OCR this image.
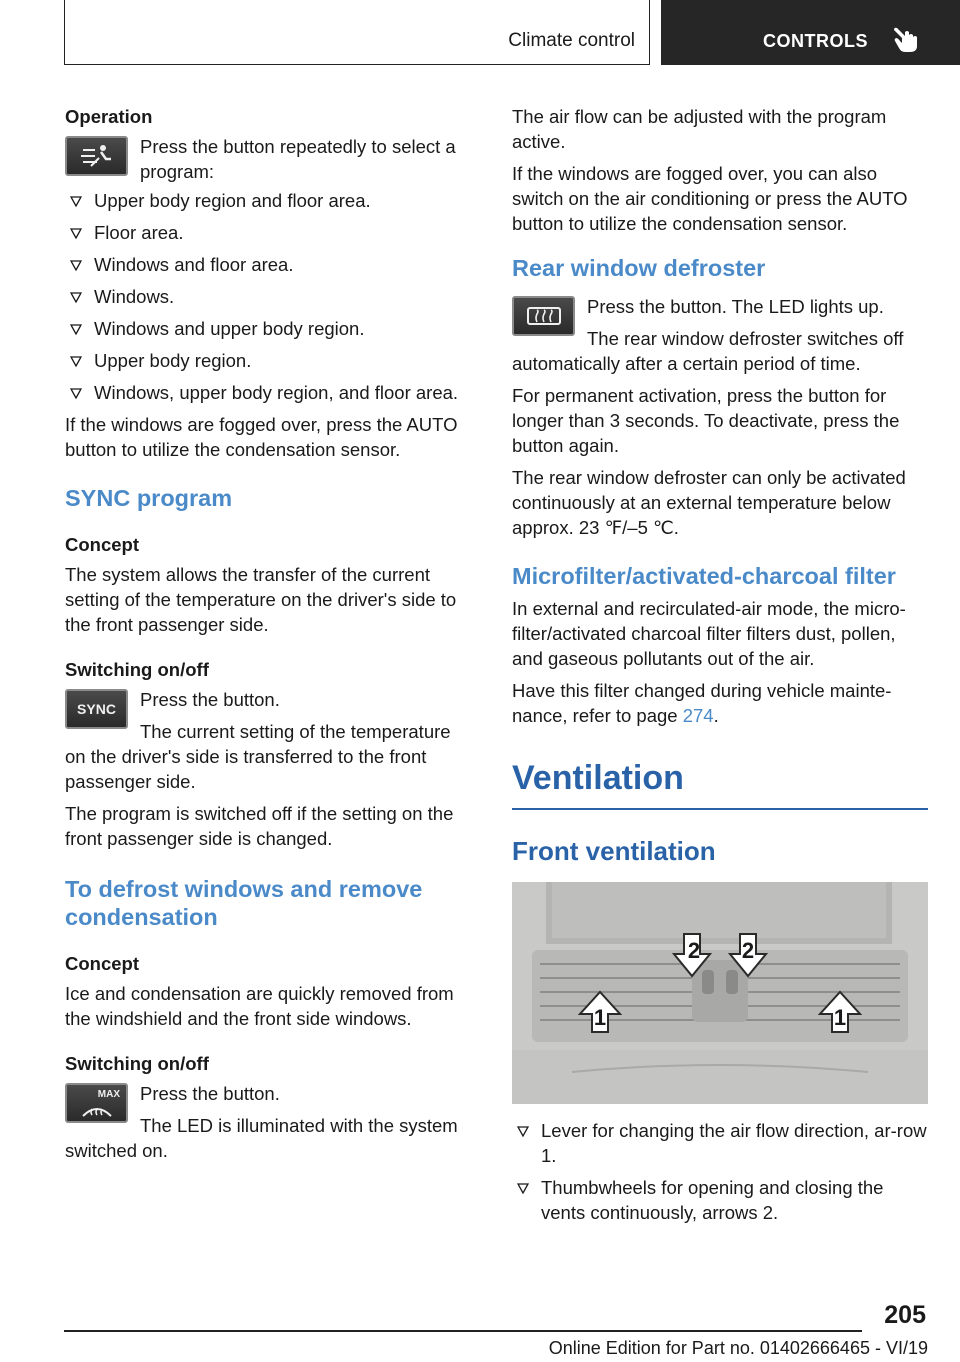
Climate control	CONTROLS
Operation
Press the button repeatedly to select a program:
Upper body region and floor area.
Floor area.
Windows and floor area.
Windows.
Windows and upper body region.
Upper body region.
Windows, upper body region, and floor area.

If the windows are fogged over, press the AUTO button to utilize the condensation sensor.

SYNC program
Concept

The system allows the transfer of the current setting of the temperature on the driver's side to the front passenger side.

Switching on/off
SYNC	Press the button.

The current setting of the temperature on the driver's side is transferred to the front passenger side.

The program is switched off if the setting on the front passenger side is changed.

To defrost windows and remove condensation
Concept

Ice and condensation are quickly removed from the windshield and the front side windows.

Switching on/off
MAX	Press the button.

The LED is illuminated with the system switched on.

The air flow can be adjusted with the program active.

If the windows are fogged over, you can also switch on the air conditioning or press the AUTO button to utilize the condensation sensor.

Rear window defroster

Press the button. The LED lights up.

The rear window defroster switches off automatically after a certain period of time.

For permanent activation, press the button for longer than 3 seconds. To deactivate, press the button again.

The rear window defroster can only be activated continuously at an external temperature below approx. 23 ℉/–5 ℃.

Microfilter/activated-charcoal filter

In external and recirculated-air mode, the micro-filter/activated charcoal filter filters dust, pollen, and gaseous pollutants out of the air.

Have this filter changed during vehicle mainte-nance, refer to page 274.

Ventilation
Front ventilation
2 2
1	1
Lever for changing the air flow direction, ar-row 1.
Thumbwheels for opening and closing the vents continuously, arrows 2.
205
Online Edition for Part no. 01402666465 - VI/19
